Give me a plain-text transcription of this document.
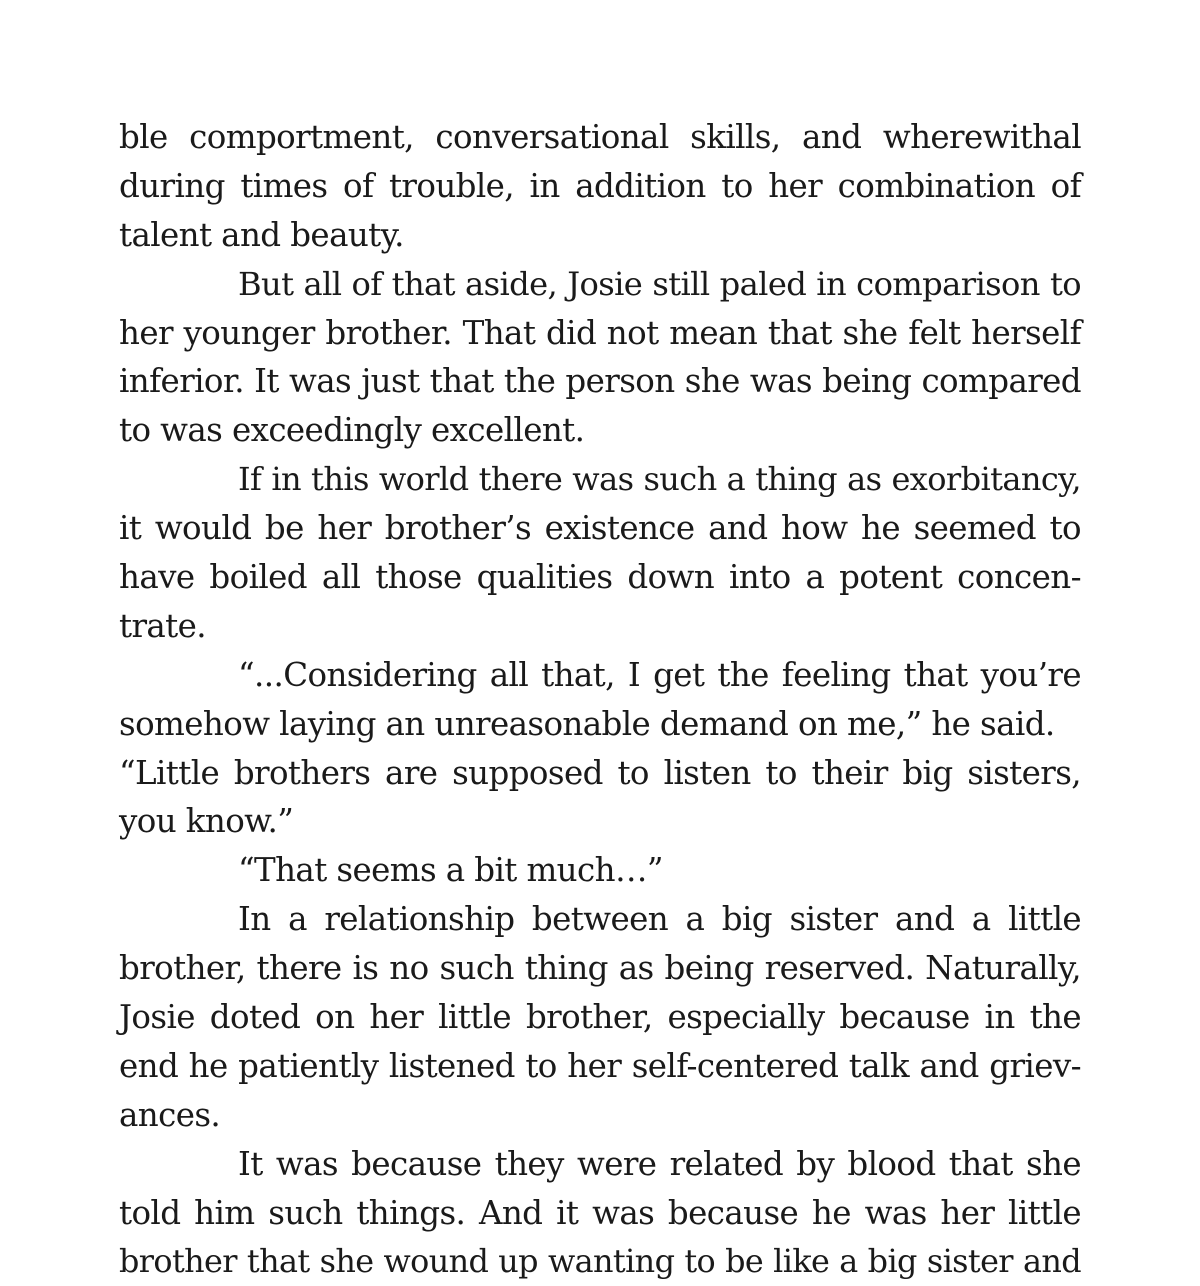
ble comportment, conversational skills, and wherewithal
during times of trouble, in addition to her combination of
talent and beauty.
But all of that aside, Josie still paled in comparison to
her younger brother. That did not mean that she felt herself
inferior. It was just that the person she was being compared
to was exceedingly excellent.
If in this world there was such a thing as exorbitancy,
it would be her brother’s existence and how he seemed to
have boiled all those qualities down into a potent concen-
trate.
“...Considering all that, I get the feeling that you’re
somehow laying an unreasonable demand on me,” he said.
“Little brothers are supposed to listen to their big sisters,
you know.”
“That seems a bit much…”
In a relationship between a big sister and a little
brother, there is no such thing as being reserved. Naturally,
Josie doted on her little brother, especially because in the
end he patiently listened to her self-centered talk and griev-
ances.
It was because they were related by blood that she
told him such things. And it was because he was her little
brother that she wound up wanting to be like a big sister and
